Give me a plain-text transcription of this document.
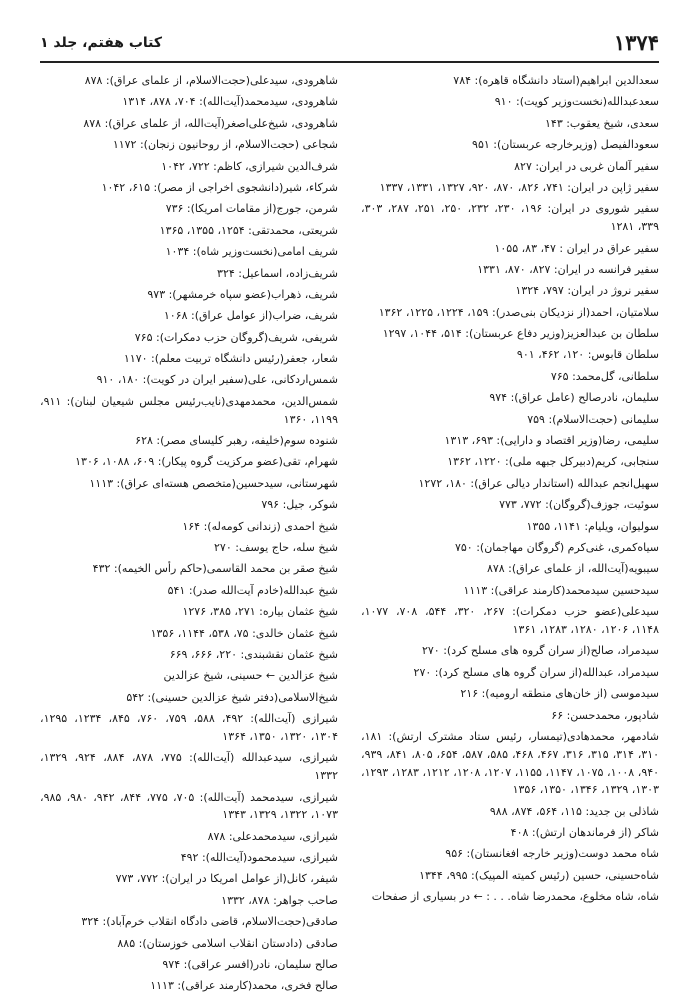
۱۳۷۴
کتاب هفتم، جلد ۱
سعدالدین ابراهیم(استاد دانشگاه قاهره): ۷۸۴
سعدعبدالله(نخست‌وزیر کویت): ۹۱۰
سعدی، شیخ یعقوب: ۱۴۳
سعودالفیصل (وزیرخارجه عربستان): ۹۵۱
سفیر آلمان غربی در ایران: ۸۲۷
سفیر ژاپن در ایران: ۷۴۱، ۸۲۶، ۸۷۰، ۹۲۰، ۱۳۲۷، ۱۳۳۱، ۱۳۳۷
سفیر شوروی در ایران: ۱۹۶، ۲۳۰، ۲۳۲، ۲۵۰، ۲۵۱، ۲۸۷، ۳۰۳، ۳۳۹، ۱۲۸۱
سفیر عراق در ایران : ۴۷، ۸۳، ۱۰۵۵
سفیر فرانسه در ایران: ۸۲۷، ۸۷۰، ۱۳۳۱
سفیر نروژ در ایران: ۷۹۷، ۱۳۲۴
سلامتیان، احمد(از نزدیکان بنی‌صدر): ۱۵۹، ۱۲۲۴، ۱۲۲۵، ۱۳۶۲
سلطان بن عبدالعزیز(وزیر دفاع عربستان): ۵۱۴، ۱۰۴۴، ۱۲۹۷
سلطان قابوس: ۱۲۰، ۴۶۲، ۹۰۱
سلطانی، گل‌محمد: ۷۶۵
سلیمان، نادرصالح (عامل عراق): ۹۷۴
سلیمانی (حجت‌الاسلام): ۷۵۹
سلیمی، رضا(وزیر اقتصاد و دارایی): ۶۹۳، ۱۳۱۳
سنجابی، کریم(دبیرکل جبهه ملی): ۱۲۲۰، ۱۳۶۲
سهیل‌انجم عبدالله (استاندار دیالی عراق): ۱۸۰، ۱۲۷۲
سوئیت، جوزف(گروگان): ۷۷۲، ۷۷۳
سولیوان، ویلیام: ۱۱۴۱، ۱۳۵۵
سیاه‌کمری، غنی‌کرم (گروگان مهاجمان): ۷۵۰
سیبویه(آیت‌الله، از علمای عراق): ۸۷۸
سیدحسین سیدمحمد(کارمند عراقی): ۱۱۱۳
سیدعلی(عضو حزب دمکرات): ۲۶۷، ۳۲۰، ۵۴۴، ۷۰۸، ۱۰۷۷، ۱۱۴۸، ۱۲۰۶، ۱۲۸۰، ۱۲۸۳، ۱۳۶۱
سیدمراد، صالح(از سران گروه های مسلح کرد): ۲۷۰
سیدمراد، عبدالله(از سران گروه های مسلح کرد): ۲۷۰
سیدموسی (از خان‌های منطقه ارومیه): ۲۱۶
شادپور، محمدحسن: ۶۶
شادمهر، محمدهادی(تیمسار، رئیس ستاد مشترک ارتش): ۱۸۱، ۳۱۰، ۳۱۴، ۳۱۵، ۳۱۶، ۴۶۷، ۴۶۸، ۵۸۵، ۵۸۷، ۶۵۴، ۸۰۵، ۸۴۱، ۹۳۹، ۹۴۰، ۱۰۰۸، ۱۰۷۵، ۱۱۴۷، ۱۱۵۵، ۱۲۰۷، ۱۲۰۸، ۱۲۱۲، ۱۲۸۳، ۱۲۹۳، ۱۳۰۳، ۱۳۲۹، ۱۳۴۶، ۱۳۵۰، ۱۳۵۶
شاذلی بن جدید: ۱۱۵، ۵۶۴، ۸۷۴، ۹۸۸
شاکر (از فرماندهان ارتش): ۴۰۸
شاه محمد دوست(وزیر خارجه افغانستان): ۹۵۶
شاه‌حسینی، حسین (رئیس کمیته المپیک): ۹۹۵، ۱۳۴۴
شاه، شاه مخلوع، محمدرضا شاه. . . : ← در بسیاری از صفحات
شاهرودی، سیدعلی(حجت‌الاسلام، از علمای عراق): ۸۷۸
شاهرودی، سیدمحمد(آیت‌الله): ۷۰۴، ۸۷۸، ۱۳۱۴
شاهرودی، شیخ‌علی‌اصغر(آیت‌الله، از علمای عراق): ۸۷۸
شجاعی (حجت‌الاسلام، از روحانیون زنجان): ۱۱۷۲
شرف‌الدین شیرازی، کاظم: ۷۲۲، ۱۰۴۲
شرکاء، شیر(دانشجوی اخراجی از مصر): ۶۱۵، ۱۰۴۲
شرمن، جورج(از مقامات امریکا): ۷۳۶
شریعتی، محمدتقی: ۱۲۵۴، ۱۳۵۵، ۱۳۶۵
شریف امامی(نخست‌وزیر شاه): ۱۰۳۴
شریف‌زاده، اسماعیل: ۳۲۴
شریف، ذهراب(عضو سپاه خرمشهر): ۹۷۳
شریف، ضراب(از عوامل عراق): ۱۰۶۸
شریفی، شریف(گروگان حزب دمکرات): ۷۶۵
شعار، جعفر(رئیس دانشگاه تربیت معلم): ۱۱۷۰
شمس‌اردکانی، علی(سفیر ایران در کویت): ۱۸۰، ۹۱۰
شمس‌الدین، محمدمهدی(نایب‌رئیس مجلس شیعیان لبنان): ۹۱۱، ۱۱۹۹، ۱۳۶۰
شنوده سوم(خلیفه، رهبر کلیسای مصر): ۶۲۸
شهرام، تقی(عضو مرکزیت گروه پیکار): ۶۰۹، ۱۰۸۸، ۱۳۰۶
شهرستانی، سیدحسین(متخصص هسته‌ای عراق): ۱۱۱۳
شوکر، جیل: ۷۹۶
شیخ احمدی (زندانی کومه‌له): ۱۶۴
شیخ سله، حاج یوسف: ۲۷۰
شیخ صقر بن محمد القاسمی(حاکم رأس الخیمه): ۴۳۲
شیخ عبدالله(خادم آیت‌الله صدر): ۵۴۱
شیخ عثمان بیاره: ۲۷۱، ۳۸۵، ۱۲۷۶
شیخ عثمان خالدی: ۷۵، ۵۳۸، ۱۱۴۴، ۱۳۵۶
شیخ عثمان نقشبندی: ۲۲۰، ۶۶۶، ۶۶۹
شیخ عزالدین ← حسینی، شیخ عزالدین
شیخ‌الاسلامی(دفتر شیخ عزالدین حسینی): ۵۴۲
شیرازی (آیت‌الله): ۴۹۲، ۵۸۸، ۷۵۹، ۷۶۰، ۸۴۵، ۱۲۳۴، ۱۲۹۵، ۱۳۰۴، ۱۳۲۰، ۱۳۵۰، ۱۳۶۴
شیرازی، سیدعبدالله (آیت‌الله): ۷۷۵، ۸۷۸، ۸۸۴، ۹۲۴، ۱۳۲۹، ۱۳۳۲
شیرازی، سیدمحمد (آیت‌الله): ۷۰۵، ۷۷۵، ۸۴۴، ۹۴۲، ۹۸۰، ۹۸۵، ۱۰۷۳، ۱۳۲۲، ۱۳۲۹، ۱۳۴۳
شیرازی، سیدمحمدعلی: ۸۷۸
شیرازی، سیدمحمود(آیت‌الله): ۴۹۲
شیفر، کانل(از عوامل امریکا در ایران): ۷۷۲، ۷۷۳
صاحب جواهر: ۸۷۸، ۱۳۳۲
صادقی(حجت‌الاسلام، قاضی دادگاه انقلاب خرم‌آباد): ۳۲۴
صادقی (دادستان انقلاب اسلامی خوزستان): ۸۸۵
صالح سلیمان، نادر(افسر عراقی): ۹۷۴
صالح فخری، محمد(کارمند عراقی): ۱۱۱۳
